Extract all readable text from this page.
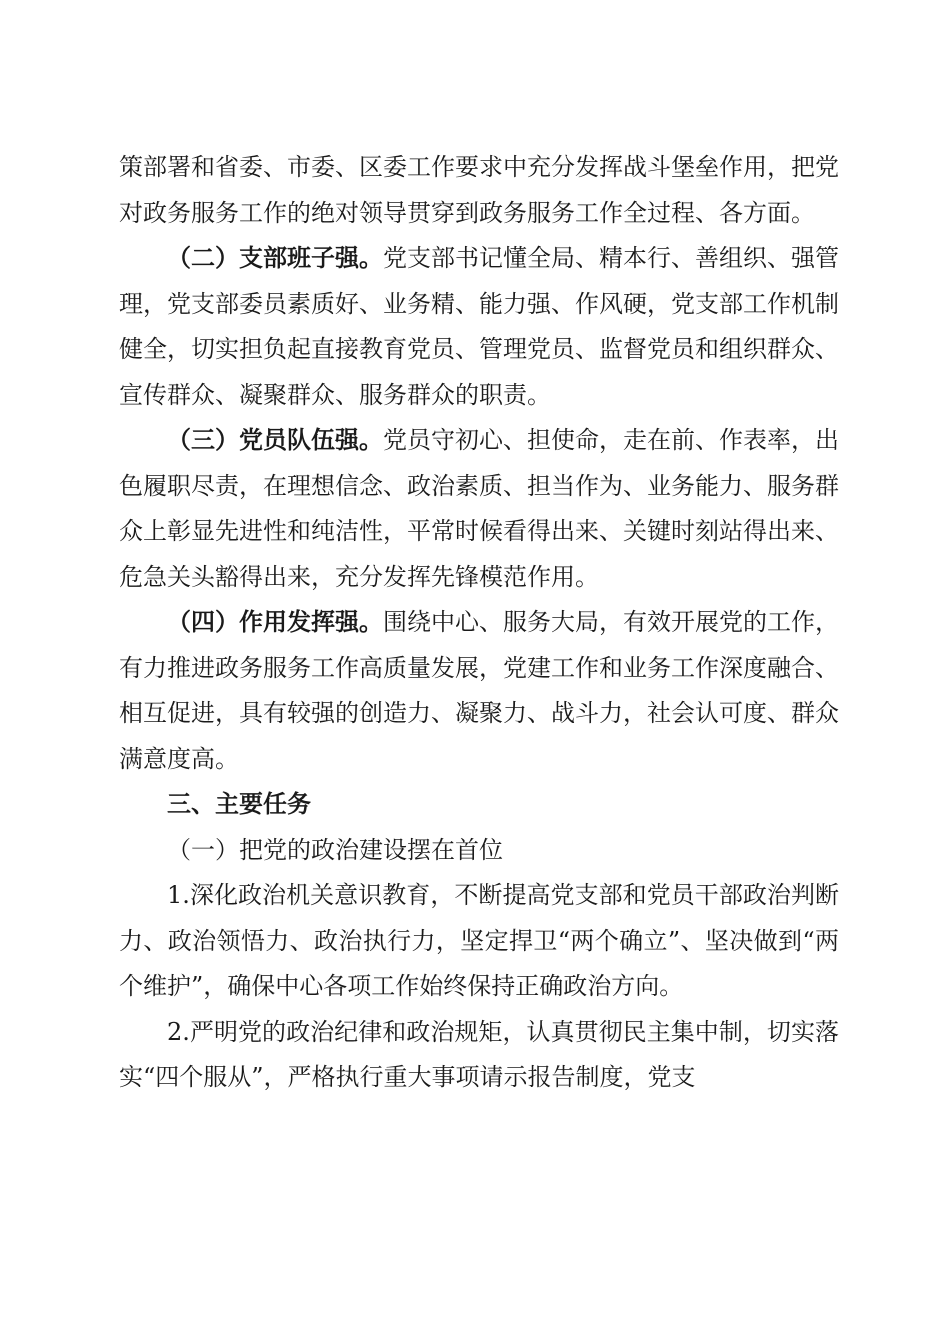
策部署和省委、市委、区委工作要求中充分发挥战斗堡垒作用，把党对政务服务工作的绝对领导贯穿到政务服务工作全过程、各方面。

（二）支部班子强。党支部书记懂全局、精本行、善组织、强管理，党支部委员素质好、业务精、能力强、作风硬，党支部工作机制健全，切实担负起直接教育党员、管理党员、监督党员和组织群众、宣传群众、凝聚群众、服务群众的职责。

（三）党员队伍强。党员守初心、担使命，走在前、作表率，出色履职尽责，在理想信念、政治素质、担当作为、业务能力、服务群众上彰显先进性和纯洁性，平常时候看得出来、关键时刻站得出来、危急关头豁得出来，充分发挥先锋模范作用。

（四）作用发挥强。围绕中心、服务大局，有效开展党的工作，有力推进政务服务工作高质量发展，党建工作和业务工作深度融合、相互促进，具有较强的创造力、凝聚力、战斗力，社会认可度、群众满意度高。

三、主要任务

（一）把党的政治建设摆在首位

1.深化政治机关意识教育，不断提高党支部和党员干部政治判断力、政治领悟力、政治执行力，坚定捍卫“两个确立”、坚决做到“两个维护”，确保中心各项工作始终保持正确政治方向。

2.严明党的政治纪律和政治规矩，认真贯彻民主集中制，切实落实“四个服从”，严格执行重大事项请示报告制度，党支
